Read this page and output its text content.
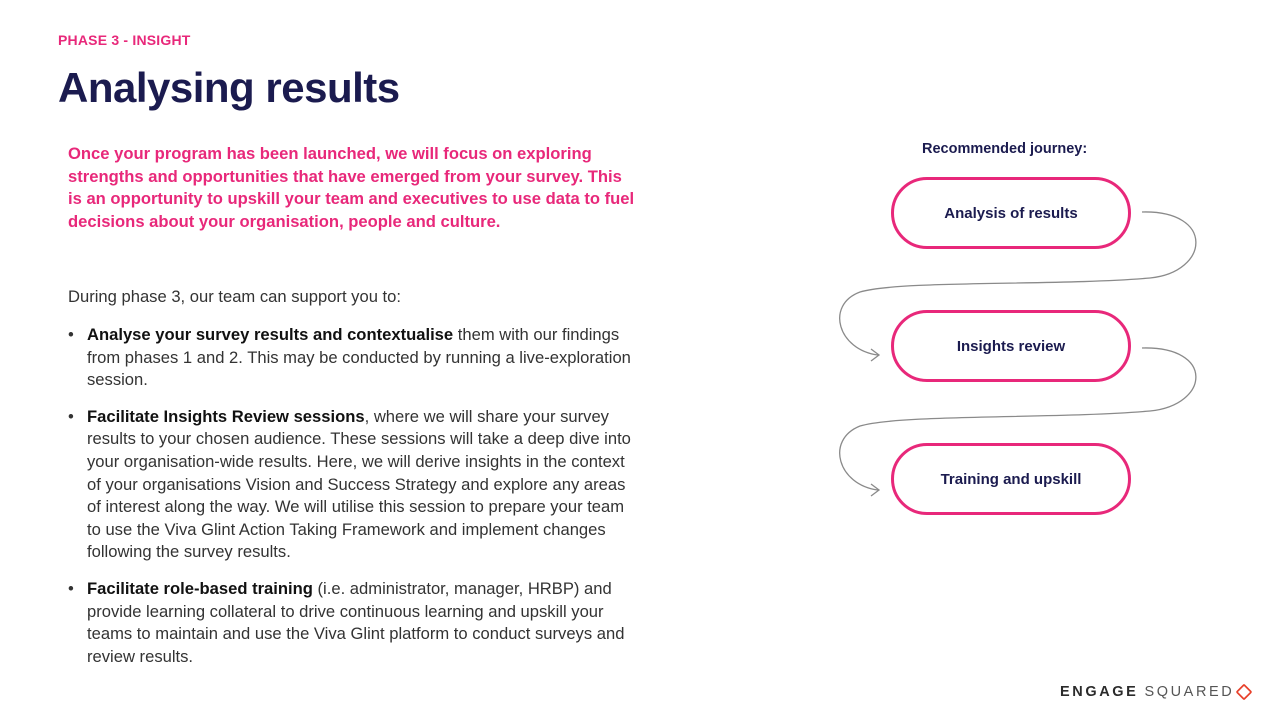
PHASE 3 - INSIGHT
Analysing results
Once your program has been launched, we will focus on exploring strengths and opportunities that have emerged from your survey. This is an opportunity to upskill your team and executives to use data to fuel decisions about your organisation, people and culture.
During phase 3, our team can support you to:
• Analyse your survey results and contextualise them with our findings from phases 1 and 2. This may be conducted by running a live-exploration session.
• Facilitate Insights Review sessions, where we will share your survey results to your chosen audience. These sessions will take a deep dive into your organisation-wide results. Here, we will derive insights in the context of your organisations Vision and Success Strategy and explore any areas of interest along the way. We will utilise this session to prepare your team to use the Viva Glint Action Taking Framework and implement changes following the survey results.
• Facilitate role-based training (i.e. administrator, manager, HRBP) and provide learning collateral to drive continuous learning and upskill your teams to maintain and use the Viva Glint platform to conduct surveys and review results.
Recommended journey:
Analysis of results
Insights review
Training and upskill
ENGAGE SQUARED
